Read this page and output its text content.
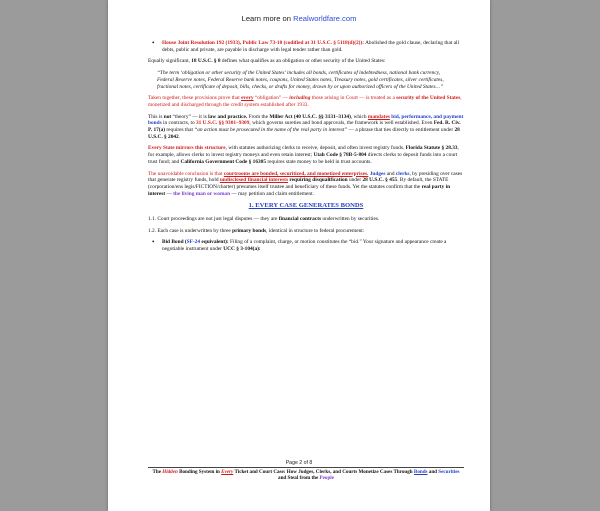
Learn more on Realworldfare.com
• House Joint Resolution 192 (1933), Public Law 73-10 (codified at 31 U.S.C. § 5118(d)(2)): Abolished the gold clause, declaring that all debts, public and private, are payable in discharge with legal tender rather than gold.

Equally significant, 18 U.S.C. § 8 defines what qualifies as an obligation or other security of the United States:

“The term ‘obligation or other security of the United States’ includes all bonds, certificates of indebtedness, national bank currency, Federal Reserve notes, Federal Reserve bank notes, coupons, United States notes, Treasury notes, gold certificates, silver certificates, fractional notes, certificate of deposit, bills, checks, or drafts for money, drawn by or upon authorized officers of the United States…”

Taken together, these provisions prove that every “obligation” — including those arising in Court — is treated as a security of the United States, monetized and discharged through the credit system established after 1933.

This is not “theory” — it is law and practice. From the Miller Act (40 U.S.C. §§ 3131–3134), which mandates bid, performance, and payment bonds in contracts, to 31 U.S.C. §§ 9301–9309, which governs sureties and bond approvals, the framework is well established. Even Fed. R. Civ. P. 17(a) requires that “an action must be prosecuted in the name of the real party in interest” — a phrase that ties directly to entitlement under 28 U.S.C. § 2042.

Every State mirrors this structure, with statutes authorizing clerks to receive, deposit, and often invest registry funds. Florida Statute § 28.33, for example, allows clerks to invest registry moneys and even retain interest; Utah Code § 78B-5-804 directs clerks to deposit funds into a court trust fund; and California Government Code § 16305 requires state money to be held in trust accounts.

The unavoidable conclusion is that courtrooms are bonded, securitized, and monetized enterprises. Judges and clerks, by presiding over cases that generate registry funds, hold undisclosed financial interests requiring disqualification under 28 U.S.C. § 455. By default, the STATE (corporation/ens legis/FICTION/charter) presumes itself trustee and beneficiary of these funds. Yet the statutes confirm that the real party in interest — the living man or woman — may petition and claim entitlement.

1. EVERY CASE GENERATES BONDS

1.1. Court proceedings are not just legal disputes — they are financial contracts underwritten by securities.

1.2. Each case is underwritten by three primary bonds, identical in structure to federal procurement:

• Bid Bond (SF-24 equivalent): Filing of a complaint, charge, or motion constitutes the “bid.” Your signature and appearance create a negotiable instrument under UCC § 3-104(a):
Page 2 of 8
The Hidden Bonding System in Every Ticket and Court Case: How Judges, Clerks, and Courts Monetize Cases Through Bonds and Securities and Steal from the People
